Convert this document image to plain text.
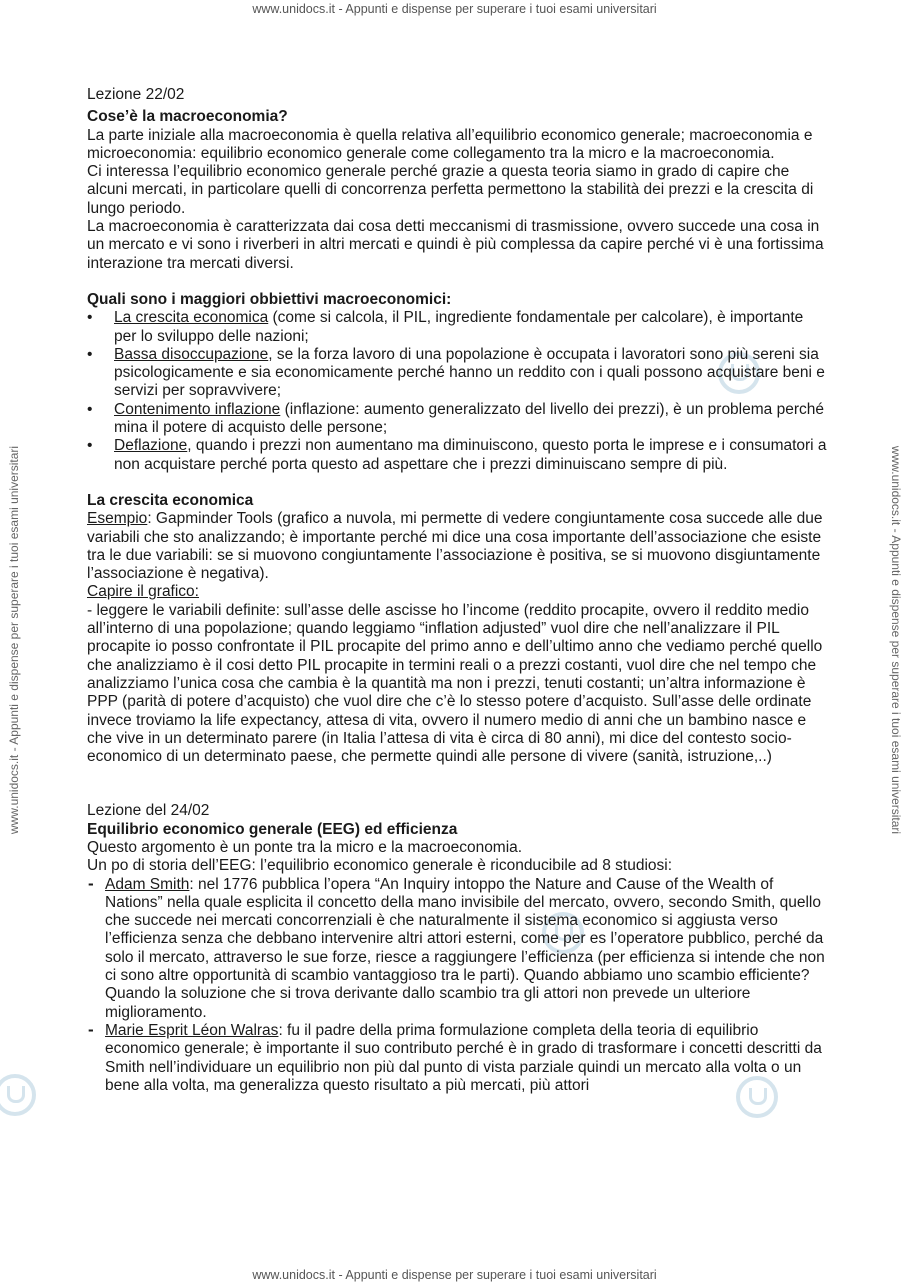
www.unidocs.it - Appunti e dispense per superare i tuoi esami universitari
www.unidocs.it - Appunti e dispense per superare i tuoi esami universitari
www.unidocs.it - Appunti e dispense per superare i tuoi esami universitari	www.unidocs.it - Appunti e dispense per superare i tuoi esami universitari

Lezione 22/02

Cose’è la macroeconomia?

La parte iniziale alla macroeconomia è quella relativa all’equilibrio economico generale; macroeconomia e microeconomia: equilibrio economico generale come collegamento tra la micro e la macroeconomia.

Ci interessa l’equilibrio economico generale perché grazie a questa teoria siamo in grado di capire che alcuni mercati, in particolare quelli di concorrenza perfetta permettono la stabilità dei prezzi e la crescita di lungo periodo.

La macroeconomia è caratterizzata dai cosa detti meccanismi di trasmissione, ovvero succede una cosa in un mercato e vi sono i riverberi in altri mercati e quindi è più complessa da capire perché vi è una fortissima interazione tra mercati diversi.

Quali sono i maggiori obbiettivi macroeconomici:

• La crescita economica (come si calcola, il PIL, ingrediente fondamentale per calcolare), è importante per lo sviluppo delle nazioni;
• Bassa disoccupazione, se la forza lavoro di una popolazione è occupata i lavoratori sono più sereni sia psicologicamente e sia economicamente perché hanno un reddito con i quali possono acquistare beni e servizi per sopravvivere;
• Contenimento inflazione (inflazione: aumento generalizzato del livello dei prezzi), è un problema perché mina il potere di acquisto delle persone;
• Deflazione, quando i prezzi non aumentano ma diminuiscono, questo porta le imprese e i consumatori a non acquistare perché porta questo ad aspettare che i prezzi diminuiscano sempre di più.

La crescita economica

Esempio: Gapminder Tools (grafico a nuvola, mi permette di vedere congiuntamente cosa succede alle due variabili che sto analizzando; è importante perché mi dice una cosa importante dell’associazione che esiste tra le due variabili: se si muovono congiuntamente l’associazione è positiva, se si muovono disgiuntamente l’associazione è negativa).

Capire il grafico:

- leggere le variabili definite: sull’asse delle ascisse ho l’income (reddito procapite, ovvero il reddito medio all’interno di una popolazione; quando leggiamo “inflation adjusted” vuol dire che nell’analizzare il PIL procapite io posso confrontate il PIL procapite del primo anno e dell’ultimo anno che vediamo perché quello che analizziamo è il cosi detto PIL procapite in termini reali o a prezzi costanti, vuol dire che nel tempo che analizziamo l’unica cosa che cambia è la quantità ma non i prezzi, tenuti costanti; un’altra informazione è PPP (parità di potere d’acquisto) che vuol dire che c’è lo stesso potere d’acquisto. Sull’asse delle ordinate invece troviamo la life expectancy, attesa di vita, ovvero il numero medio di anni che un bambino nasce e che vive in un determinato parere (in Italia l’attesa di vita è circa di 80 anni), mi dice del contesto socio-economico di un determinato paese, che permette quindi alle persone di vivere (sanità, istruzione,..)

Lezione del 24/02

Equilibrio economico generale (EEG) ed efficienza

Questo argomento è un ponte tra la micro e la macroeconomia.

Un po di storia dell’EEG: l’equilibrio economico generale è riconducibile ad 8 studiosi:

- Adam Smith: nel 1776 pubblica l’opera “An Inquiry intoppo the Nature and Cause of the Wealth of Nations” nella quale esplicita il concetto della mano invisibile del mercato, ovvero, secondo Smith, quello che succede nei mercati concorrenziali è che naturalmente il sistema economico si aggiusta verso l’efficienza senza che debbano intervenire altri attori esterni, come per es l’operatore pubblico, perché da solo il mercato, attraverso le sue forze, riesce a raggiungere l’efficienza (per efficienza si intende che non ci sono altre opportunità di scambio vantaggioso tra le parti). Quando abbiamo uno scambio efficiente? Quando la soluzione che si trova derivante dallo scambio tra gli attori non prevede un ulteriore miglioramento.
- Marie Esprit Léon Walras: fu il padre della prima formulazione completa della teoria di equilibrio economico generale; è importante il suo contributo perché è in grado di trasformare i concetti descritti da Smith nell’individuare un equilibrio non più dal punto di vista parziale quindi un mercato alla volta o un bene alla volta, ma generalizza questo risultato a più mercati, più attori
